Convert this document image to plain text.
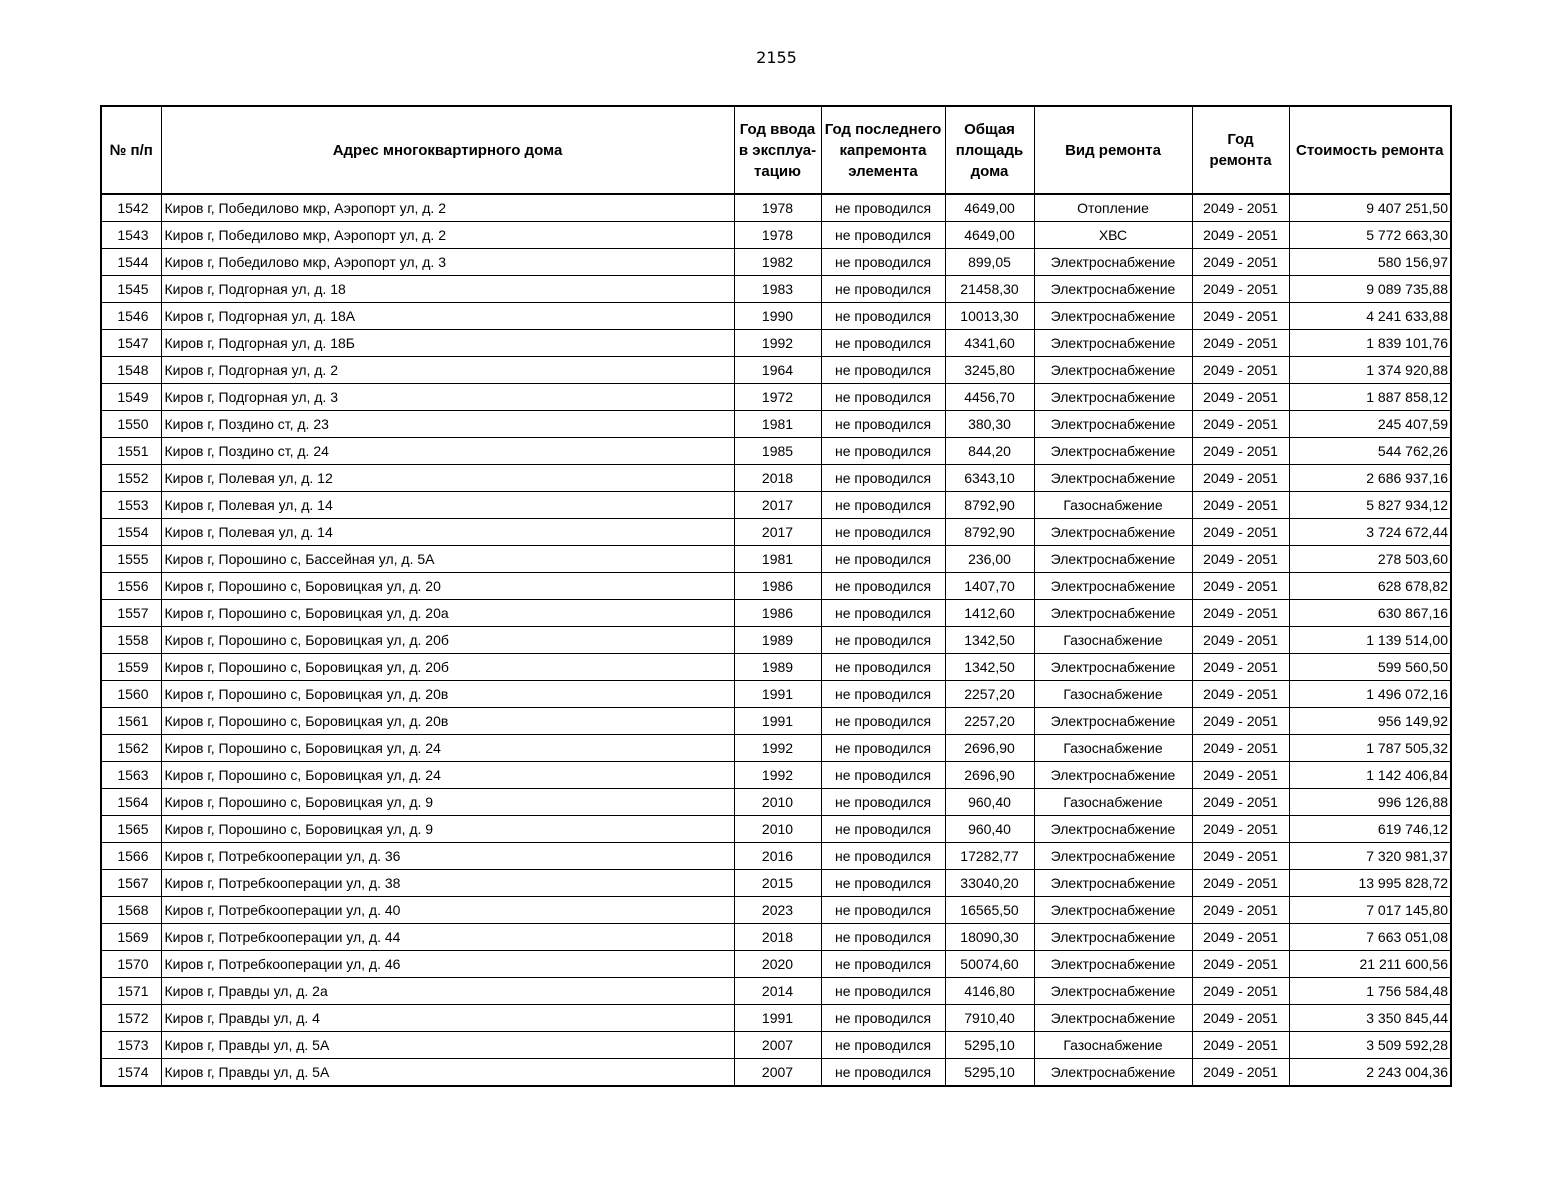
2155
№ п/п	Адрес многоквартирного дома	Год ввода в эксплуа-тацию	Год последнего капремонта элемента	Общая площадь дома	Вид ремонта	Год ремонта	Стоимость ремонта
1542	Киров г, Победилово мкр, Аэропорт ул, д. 2	1978	не проводился	4649,00	Отопление	2049 - 2051	9 407 251,50
1543	Киров г, Победилово мкр, Аэропорт ул, д. 2	1978	не проводился	4649,00	ХВС	2049 - 2051	5 772 663,30
1544	Киров г, Победилово мкр, Аэропорт ул, д. 3	1982	не проводился	899,05	Электроснабжение	2049 - 2051	580 156,97
1545	Киров г, Подгорная ул, д. 18	1983	не проводился	21458,30	Электроснабжение	2049 - 2051	9 089 735,88
1546	Киров г, Подгорная ул, д. 18А	1990	не проводился	10013,30	Электроснабжение	2049 - 2051	4 241 633,88
1547	Киров г, Подгорная ул, д. 18Б	1992	не проводился	4341,60	Электроснабжение	2049 - 2051	1 839 101,76
1548	Киров г, Подгорная ул, д. 2	1964	не проводился	3245,80	Электроснабжение	2049 - 2051	1 374 920,88
1549	Киров г, Подгорная ул, д. 3	1972	не проводился	4456,70	Электроснабжение	2049 - 2051	1 887 858,12
1550	Киров г, Поздино ст, д. 23	1981	не проводился	380,30	Электроснабжение	2049 - 2051	245 407,59
1551	Киров г, Поздино ст, д. 24	1985	не проводился	844,20	Электроснабжение	2049 - 2051	544 762,26
1552	Киров г, Полевая ул, д. 12	2018	не проводился	6343,10	Электроснабжение	2049 - 2051	2 686 937,16
1553	Киров г, Полевая ул, д. 14	2017	не проводился	8792,90	Газоснабжение	2049 - 2051	5 827 934,12
1554	Киров г, Полевая ул, д. 14	2017	не проводился	8792,90	Электроснабжение	2049 - 2051	3 724 672,44
1555	Киров г, Порошино с, Бассейная ул, д. 5А	1981	не проводился	236,00	Электроснабжение	2049 - 2051	278 503,60
1556	Киров г, Порошино с, Боровицкая ул, д. 20	1986	не проводился	1407,70	Электроснабжение	2049 - 2051	628 678,82
1557	Киров г, Порошино с, Боровицкая ул, д. 20а	1986	не проводился	1412,60	Электроснабжение	2049 - 2051	630 867,16
1558	Киров г, Порошино с, Боровицкая ул, д. 20б	1989	не проводился	1342,50	Газоснабжение	2049 - 2051	1 139 514,00
1559	Киров г, Порошино с, Боровицкая ул, д. 20б	1989	не проводился	1342,50	Электроснабжение	2049 - 2051	599 560,50
1560	Киров г, Порошино с, Боровицкая ул, д. 20в	1991	не проводился	2257,20	Газоснабжение	2049 - 2051	1 496 072,16
1561	Киров г, Порошино с, Боровицкая ул, д. 20в	1991	не проводился	2257,20	Электроснабжение	2049 - 2051	956 149,92
1562	Киров г, Порошино с, Боровицкая ул, д. 24	1992	не проводился	2696,90	Газоснабжение	2049 - 2051	1 787 505,32
1563	Киров г, Порошино с, Боровицкая ул, д. 24	1992	не проводился	2696,90	Электроснабжение	2049 - 2051	1 142 406,84
1564	Киров г, Порошино с, Боровицкая ул, д. 9	2010	не проводился	960,40	Газоснабжение	2049 - 2051	996 126,88
1565	Киров г, Порошино с, Боровицкая ул, д. 9	2010	не проводился	960,40	Электроснабжение	2049 - 2051	619 746,12
1566	Киров г, Потребкооперации ул, д. 36	2016	не проводился	17282,77	Электроснабжение	2049 - 2051	7 320 981,37
1567	Киров г, Потребкооперации ул, д. 38	2015	не проводился	33040,20	Электроснабжение	2049 - 2051	13 995 828,72
1568	Киров г, Потребкооперации ул, д. 40	2023	не проводился	16565,50	Электроснабжение	2049 - 2051	7 017 145,80
1569	Киров г, Потребкооперации ул, д. 44	2018	не проводился	18090,30	Электроснабжение	2049 - 2051	7 663 051,08
1570	Киров г, Потребкооперации ул, д. 46	2020	не проводился	50074,60	Электроснабжение	2049 - 2051	21 211 600,56
1571	Киров г, Правды ул, д. 2а	2014	не проводился	4146,80	Электроснабжение	2049 - 2051	1 756 584,48
1572	Киров г, Правды ул, д. 4	1991	не проводился	7910,40	Электроснабжение	2049 - 2051	3 350 845,44
1573	Киров г, Правды ул, д. 5А	2007	не проводился	5295,10	Газоснабжение	2049 - 2051	3 509 592,28
1574	Киров г, Правды ул, д. 5А	2007	не проводился	5295,10	Электроснабжение	2049 - 2051	2 243 004,36
